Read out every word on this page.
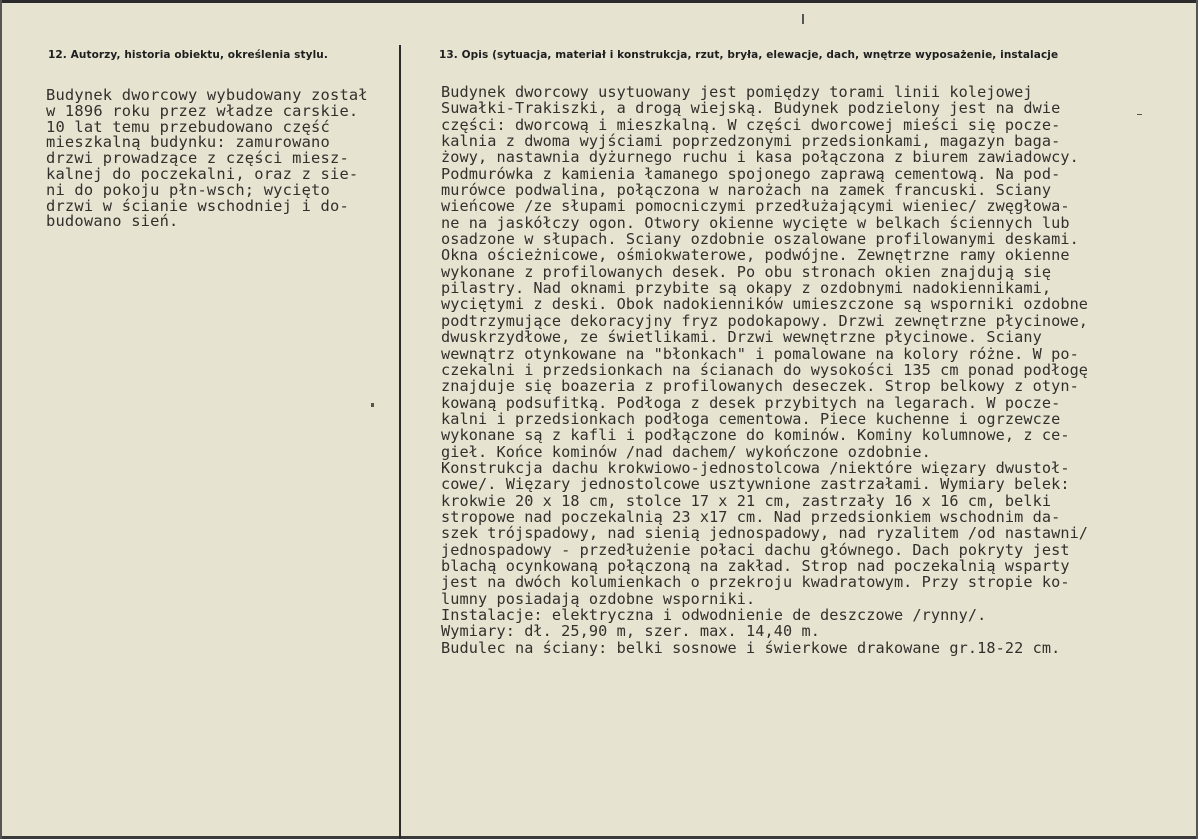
12. Autorzy, historia obiektu, określenia stylu.	13. Opis (sytuacja, materiał i konstrukcja, rzut, bryła, elewacje, dach, wnętrze wyposażenie, instalacje
Budynek dworcowy wybudowany został
w 1896 roku przez władze carskie.
10 lat temu przebudowano część
mieszkalną budynku: zamurowano
drzwi prowadzące z części miesz-
kalnej do poczekalni, oraz z sie-
ni do pokoju płn-wsch; wycięto
drzwi w ścianie wschodniej i do-
budowano sień.
Budynek dworcowy usytuowany jest pomiędzy torami linii kolejowej
Suwałki-Trakiszki, a drogą wiejską. Budynek podzielony jest na dwie
części: dworcową i mieszkalną. W części dworcowej mieści się pocze-
kalnia z dwoma wyjściami poprzedzonymi przedsionkami, magazyn baga-
żowy, nastawnia dyżurnego ruchu i kasa połączona z biurem zawiadowcy.
Podmurówka z kamienia łamanego spojonego zaprawą cementową. Na pod-
murówce podwalina, połączona w narożach na zamek francuski. Sciany
wieńcowe /ze słupami pomocniczymi przedłużającymi wieniec/ zwęgłowa-
ne na jaskółczy ogon. Otwory okienne wycięte w belkach ściennych lub
osadzone w słupach. Sciany ozdobnie oszalowane profilowanymi deskami.
Okna ościeżnicowe, ośmiokwaterowe, podwójne. Zewnętrzne ramy okienne
wykonane z profilowanych desek. Po obu stronach okien znajdują się
pilastry. Nad oknami przybite są okapy z ozdobnymi nadokiennikami,
wyciętymi z deski. Obok nadokienników umieszczone są wsporniki ozdobne
podtrzymujące dekoracyjny fryz podokapowy. Drzwi zewnętrzne płycinowe,
dwuskrzydłowe, ze świetlikami. Drzwi wewnętrzne płycinowe. Sciany
wewnątrz otynkowane na "błonkach" i pomalowane na kolory różne. W po-
czekalni i przedsionkach na ścianach do wysokości 135 cm ponad podłogę
znajduje się boazeria z profilowanych deseczek. Strop belkowy z otyn-
kowaną podsufitką. Podłoga z desek przybitych na legarach. W pocze-
kalni i przedsionkach podłoga cementowa. Piece kuchenne i ogrzewcze
wykonane są z kafli i podłączone do kominów. Kominy kolumnowe, z ce-
gieł. Końce kominów /nad dachem/ wykończone ozdobnie.
Konstrukcja dachu krokwiowo-jednostolcowa /niektóre więzary dwustoł-
cowe/. Więzary jednostolcowe usztywnione zastrzałami. Wymiary belek:
krokwie 20 x 18 cm, stolce 17 x 21 cm, zastrzały 16 x 16 cm, belki
stropowe nad poczekalnią 23 x17 cm. Nad przedsionkiem wschodnim da-
szek trójspadowy, nad sienią jednospadowy, nad ryzalitem /od nastawni/
jednospadowy - przedłużenie połaci dachu głównego. Dach pokryty jest
blachą ocynkowaną połączoną na zakład. Strop nad poczekalnią wsparty
jest na dwóch kolumienkach o przekroju kwadratowym. Przy stropie ko-
lumny posiadają ozdobne wsporniki.
Instalacje: elektryczna i odwodnienie de deszczowe /rynny/.
Wymiary: dł. 25,90 m, szer. max. 14,40 m.
Budulec na ściany: belki sosnowe i świerkowe drakowane gr.18-22 cm.
